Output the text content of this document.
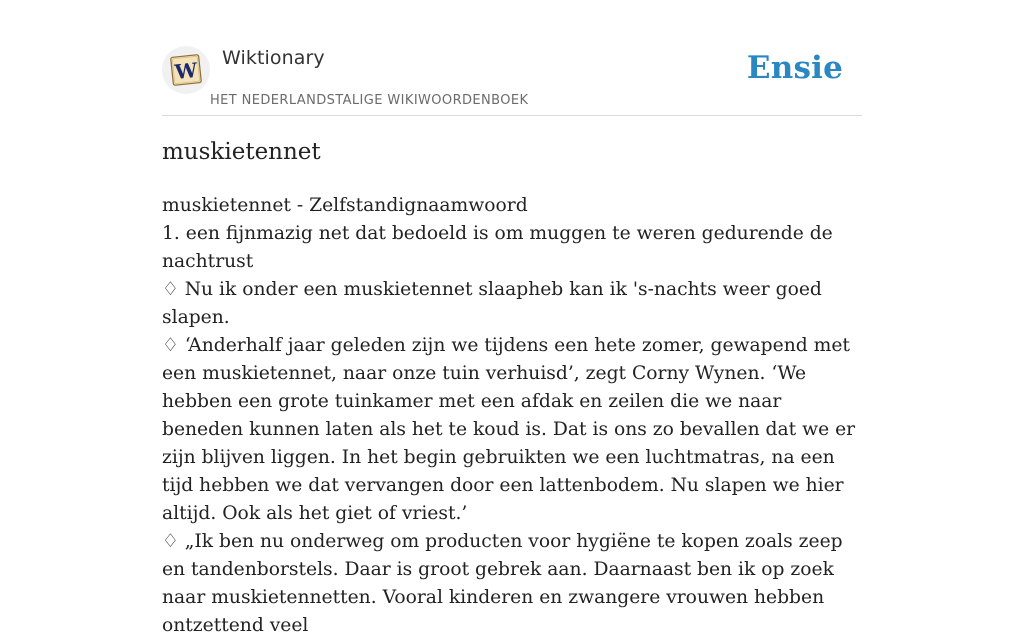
W Wiktionary
HET NEDERLANDSTALIGE WIKIWOORDENBOEK
Ensie
muskietennet

muskietennet - Zelfstandignaamwoord

1. een fijnmazig net dat bedoeld is om muggen te weren gedurende de nachtrust

♢ Nu ik onder een muskietennet slaapheb kan ik 's-nachts weer goed slapen.

♢ ‘Anderhalf jaar geleden zijn we tijdens een hete zomer, gewapend met een muskietennet, naar onze tuin verhuisd’, zegt Corny Wynen. ‘We hebben een grote tuinkamer met een afdak en zeilen die we naar beneden kunnen laten als het te koud is. Dat is ons zo bevallen dat we er zijn blijven liggen. In het begin gebruikten we een luchtmatras, na een tijd hebben we dat vervangen door een lattenbodem. Nu slapen we hier altijd. Ook als het giet of vriest.’

♢ „Ik ben nu onderweg om producten voor hygiëne te kopen zoals zeep en tandenborstels. Daar is groot gebrek aan. Daarnaast ben ik op zoek naar muskietennetten. Vooral kinderen en zwangere vrouwen hebben ontzettend veel
